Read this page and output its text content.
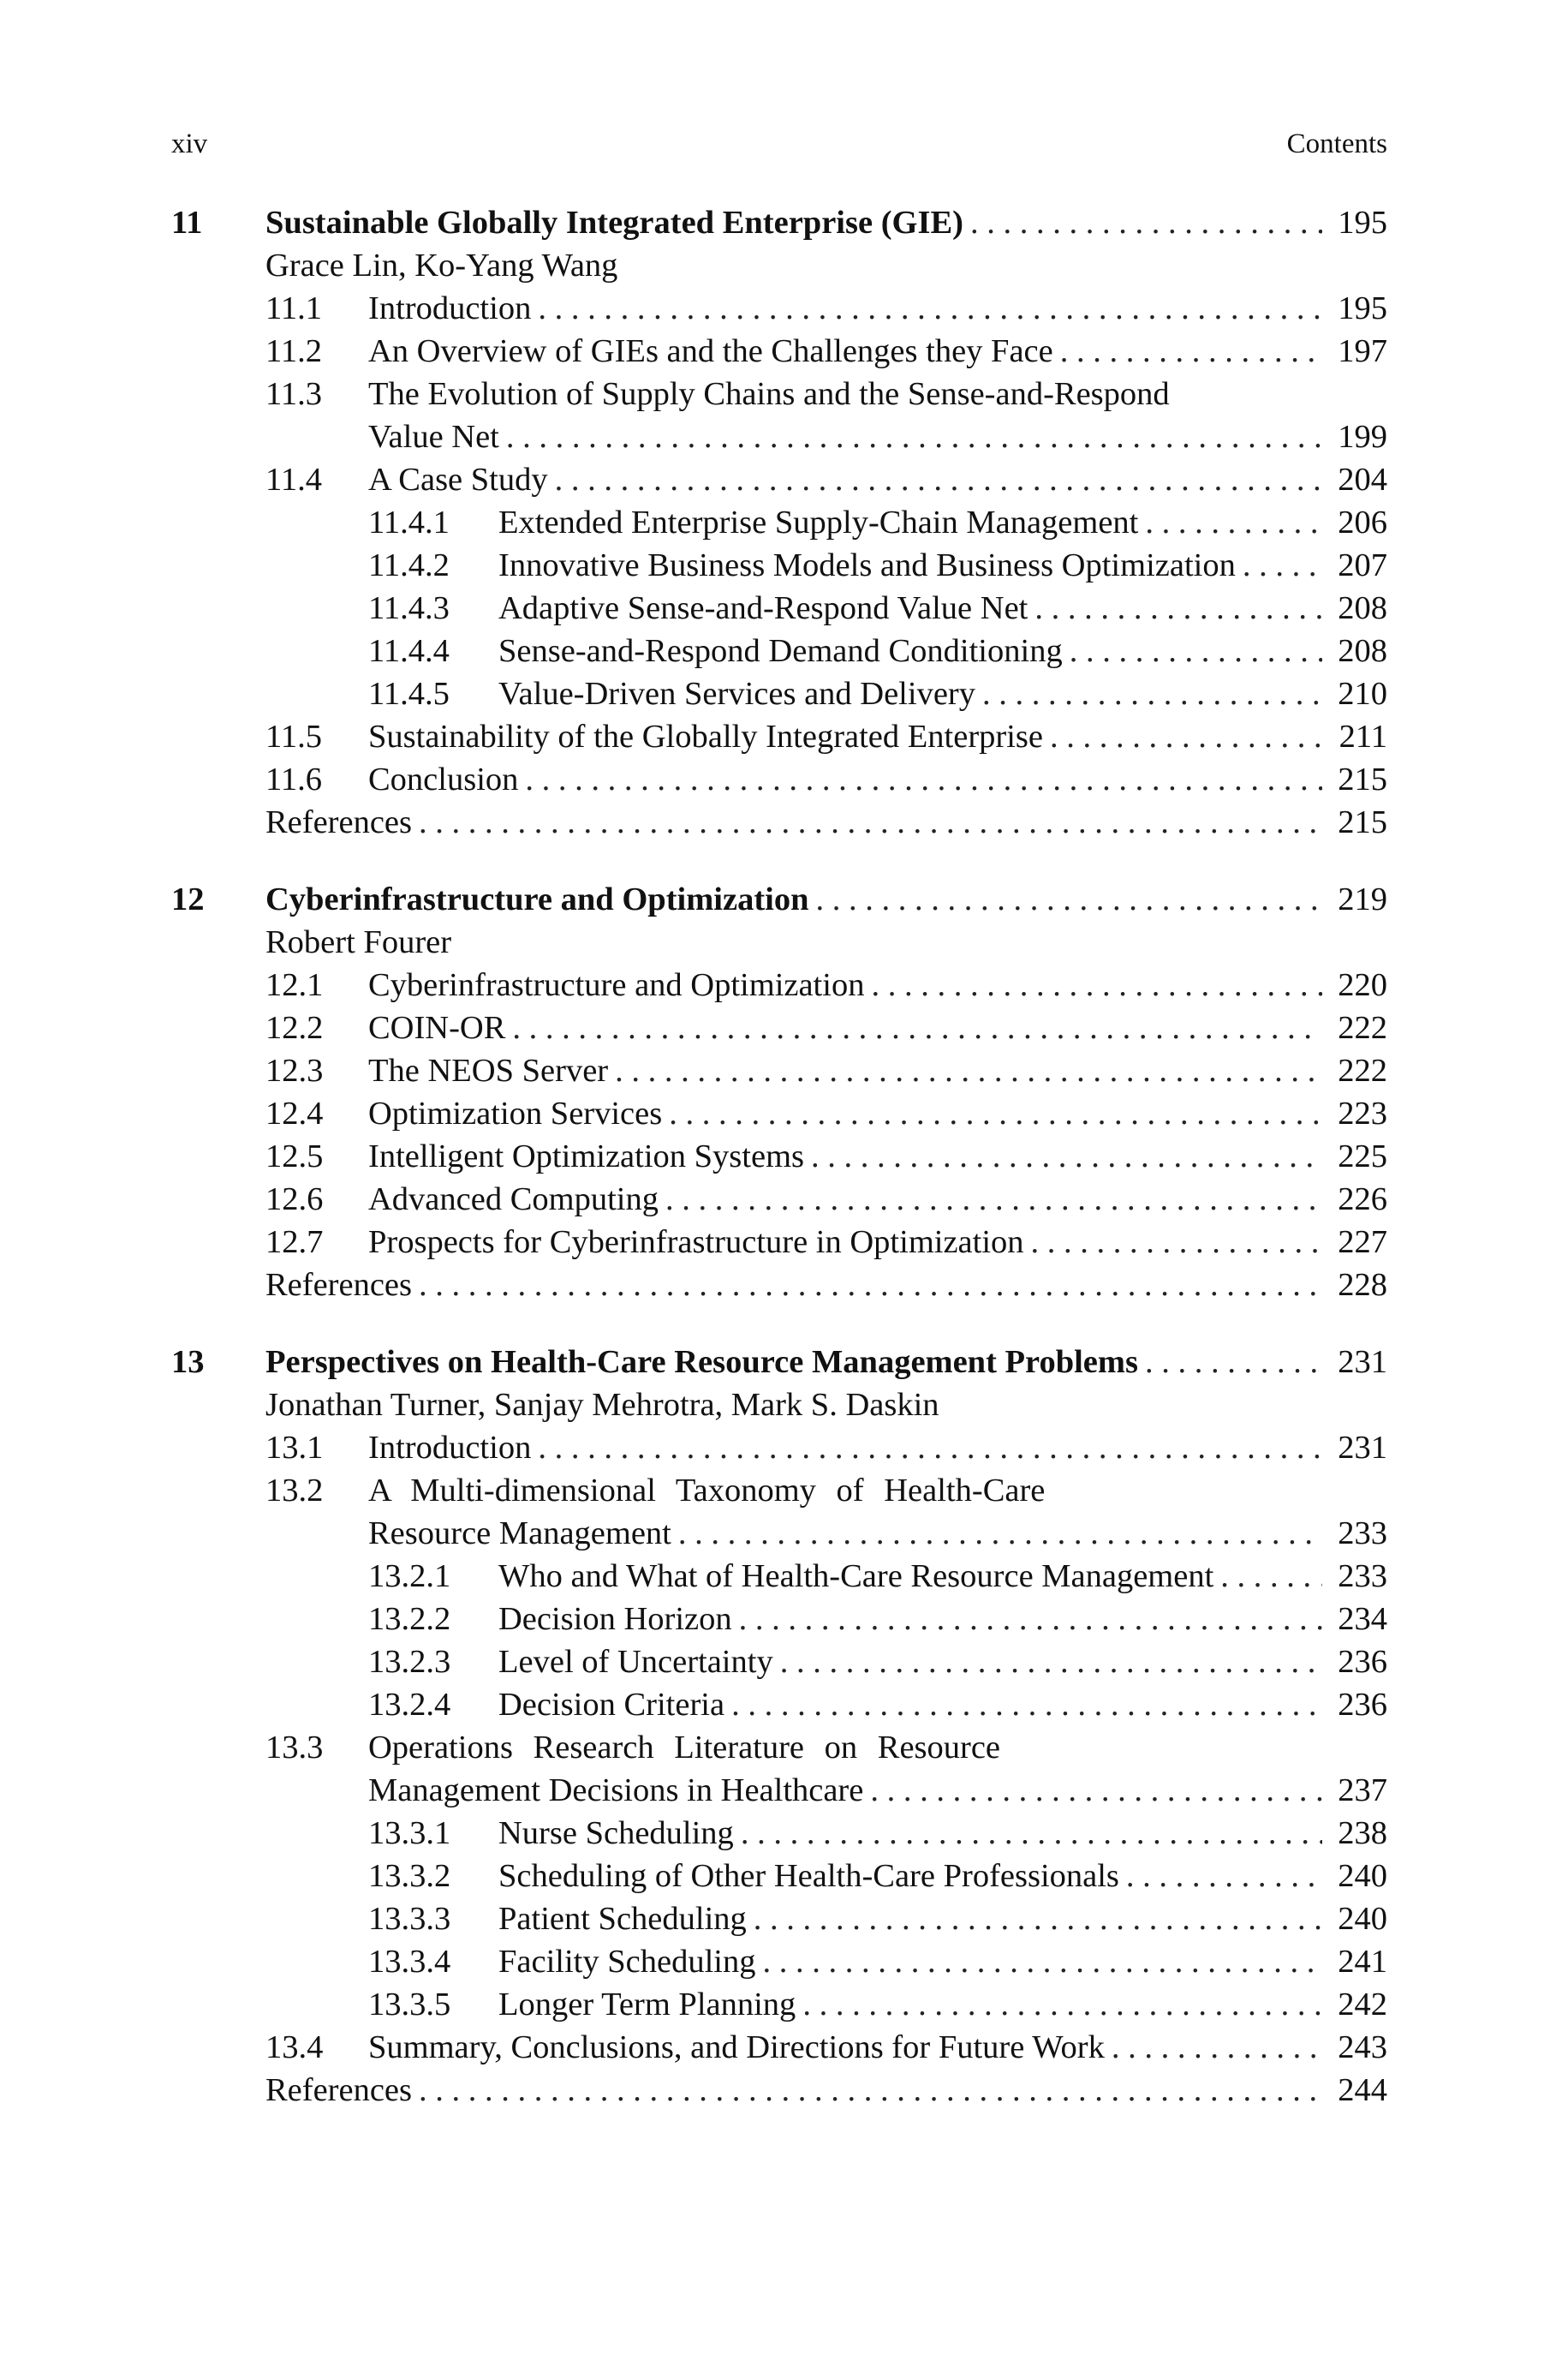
xiv	Contents
11	Sustainable Globally Integrated Enterprise (GIE) . . .	195
Grace Lin, Ko-Yang Wang
11.1	Introduction . . .	195
11.2	An Overview of GIEs and the Challenges they Face . . .	197
11.3	The Evolution of Supply Chains and the Sense-and-Respond
Value Net . . .	199
11.4	A Case Study . . .	204
11.4.1	Extended Enterprise Supply-Chain Management . . .	206
11.4.2	Innovative Business Models and Business Optimization . . .	207
11.4.3	Adaptive Sense-and-Respond Value Net . . .	208
11.4.4	Sense-and-Respond Demand Conditioning . . .	208
11.4.5	Value-Driven Services and Delivery . . .	210
11.5	Sustainability of the Globally Integrated Enterprise . . .	211
11.6	Conclusion . . .	215
References . . .	215
12	Cyberinfrastructure and Optimization . . .	219
Robert Fourer
12.1	Cyberinfrastructure and Optimization . . .	220
12.2	COIN-OR . . .	222
12.3	The NEOS Server . . .	222
12.4	Optimization Services . . .	223
12.5	Intelligent Optimization Systems . . .	225
12.6	Advanced Computing . . .	226
12.7	Prospects for Cyberinfrastructure in Optimization . . .	227
References . . .	228
13	Perspectives on Health-Care Resource Management Problems . . .	231
Jonathan Turner, Sanjay Mehrotra, Mark S. Daskin
13.1	Introduction . . .	231
13.2	A Multi-dimensional Taxonomy of Health-Care
Resource Management . . .	233
13.2.1	Who and What of Health-Care Resource Management . . .	233
13.2.2	Decision Horizon . . .	234
13.2.3	Level of Uncertainty . . .	236
13.2.4	Decision Criteria . . .	236
13.3	Operations Research Literature on Resource
Management Decisions in Healthcare . . .	237
13.3.1	Nurse Scheduling . . .	238
13.3.2	Scheduling of Other Health-Care Professionals . . .	240
13.3.3	Patient Scheduling . . .	240
13.3.4	Facility Scheduling . . .	241
13.3.5	Longer Term Planning . . .	242
13.4	Summary, Conclusions, and Directions for Future Work . . .	243
References . . .	244
